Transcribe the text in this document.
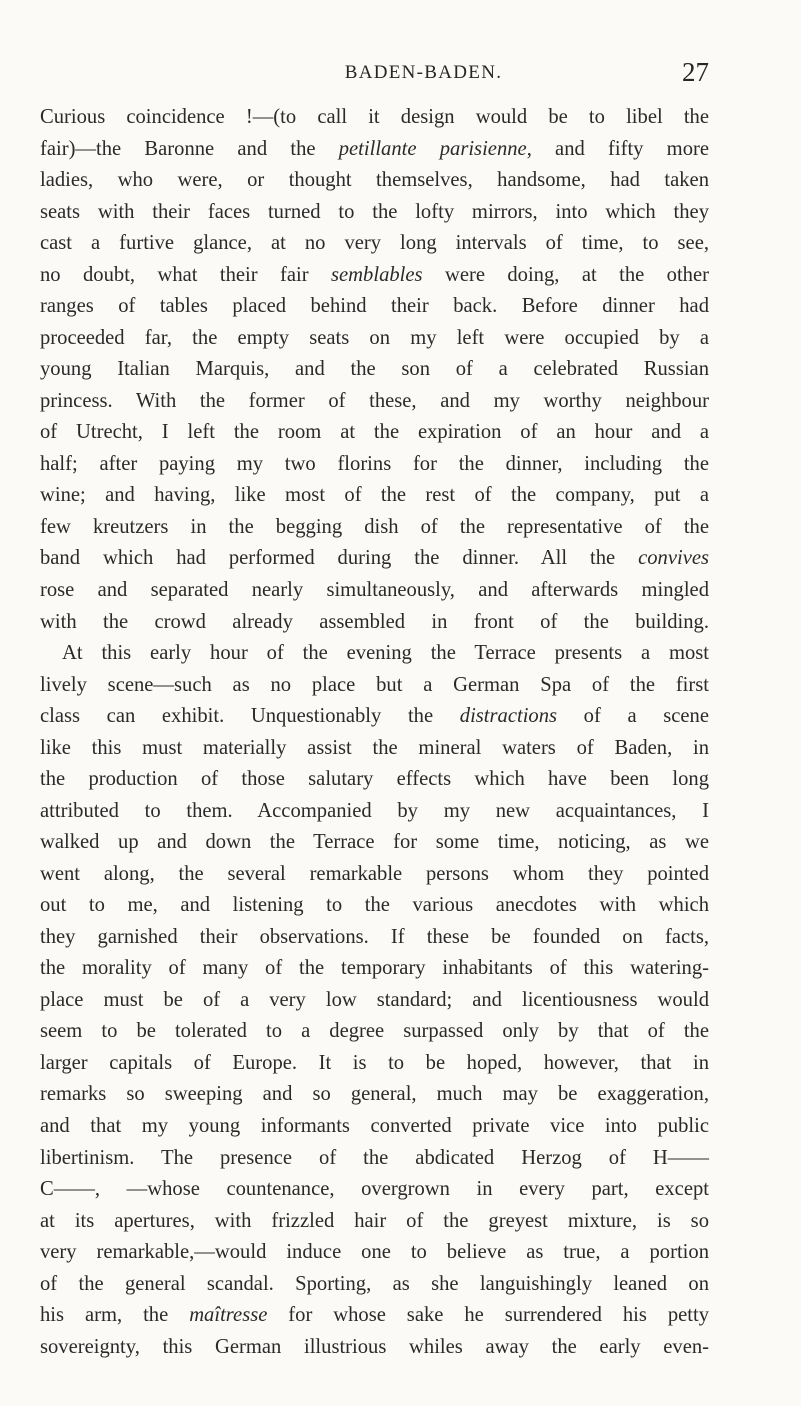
BADEN-BADEN.	27

Curious coincidence !—(to call it design would be to libel the

fair)—the Baronne and the petillante parisienne, and fifty more

ladies, who were, or thought themselves, handsome, had taken

seats with their faces turned to the lofty mirrors, into which they

cast a furtive glance, at no very long intervals of time, to see,

no doubt, what their fair semblables were doing, at the other

ranges of tables placed behind their back. Before dinner had

proceeded far, the empty seats on my left were occupied by a

young Italian Marquis, and the son of a celebrated Russian

princess. With the former of these, and my worthy neighbour

of Utrecht, I left the room at the expiration of an hour and a

half; after paying my two florins for the dinner, including the

wine; and having, like most of the rest of the company, put a

few kreutzers in the begging dish of the representative of the

band which had performed during the dinner. All the convives

rose and separated nearly simultaneously, and afterwards mingled

with the crowd already assembled in front of the building.

At this early hour of the evening the Terrace presents a most

lively scene—such as no place but a German Spa of the first

class can exhibit. Unquestionably the distractions of a scene

like this must materially assist the mineral waters of Baden, in

the production of those salutary effects which have been long

attributed to them. Accompanied by my new acquaintances, I

walked up and down the Terrace for some time, noticing, as we

went along, the several remarkable persons whom they pointed

out to me, and listening to the various anecdotes with which

they garnished their observations. If these be founded on facts,

the morality of many of the temporary inhabitants of this watering-

place must be of a very low standard; and licentiousness would

seem to be tolerated to a degree surpassed only by that of the

larger capitals of Europe. It is to be hoped, however, that in

remarks so sweeping and so general, much may be exaggeration,

and that my young informants converted private vice into public

libertinism. The presence of the abdicated Herzog of H——

C——, —whose countenance, overgrown in every part, except

at its apertures, with frizzled hair of the greyest mixture, is so

very remarkable,—would induce one to believe as true, a portion

of the general scandal. Sporting, as she languishingly leaned on

his arm, the maîtresse for whose sake he surrendered his petty

sovereignty, this German illustrious whiles away the early even-
